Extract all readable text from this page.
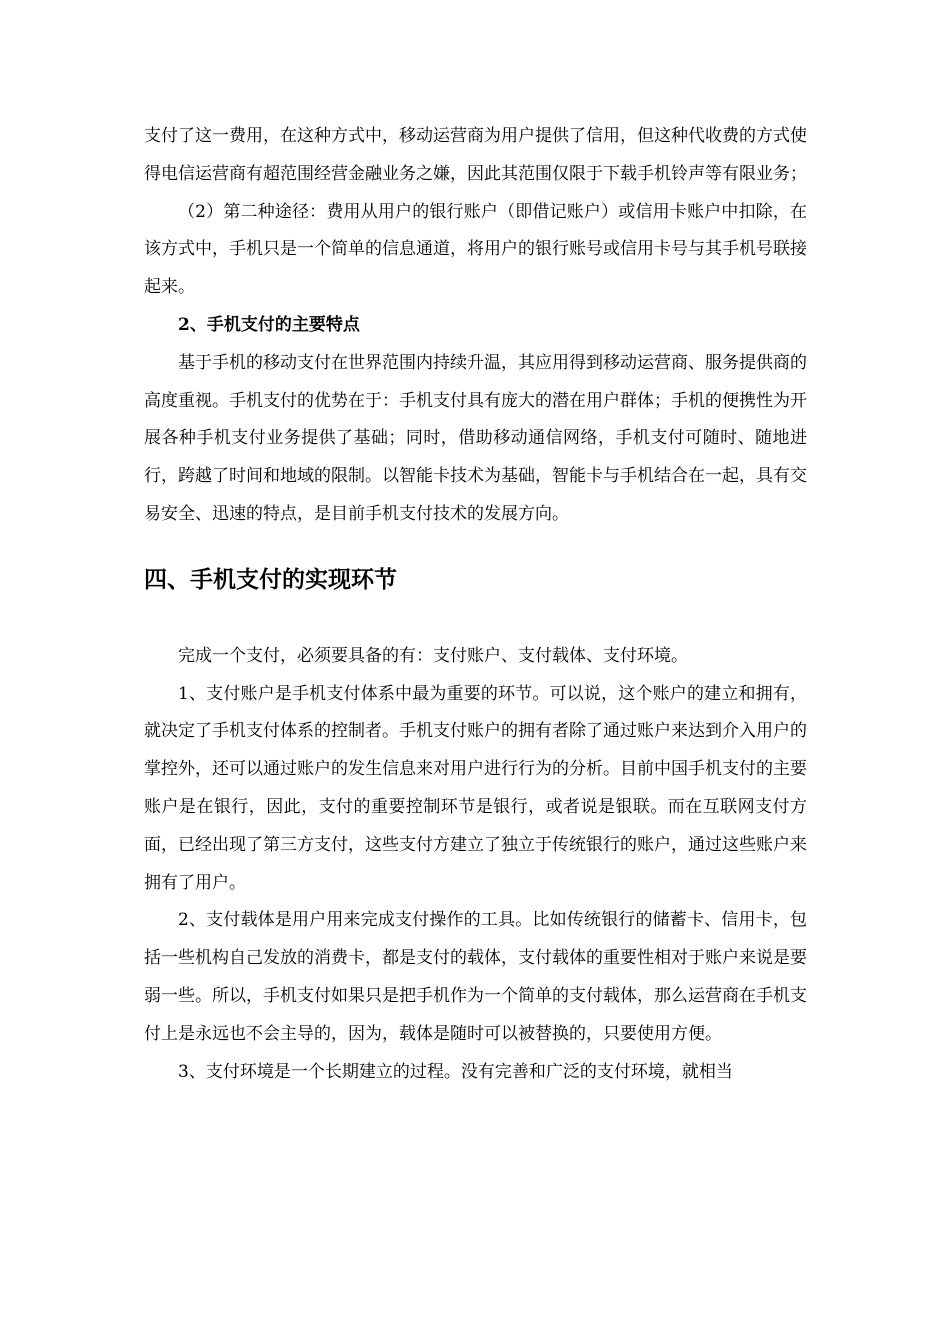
支付了这一费用，在这种方式中，移动运营商为用户提供了信用，但这种代收费的方式使得电信运营商有超范围经营金融业务之嫌，因此其范围仅限于下载手机铃声等有限业务；

（2）第二种途径：费用从用户的银行账户（即借记账户）或信用卡账户中扣除，在该方式中，手机只是一个简单的信息通道，将用户的银行账号或信用卡号与其手机号联接起来。

2、手机支付的主要特点

基于手机的移动支付在世界范围内持续升温，其应用得到移动运营商、服务提供商的高度重视。手机支付的优势在于：手机支付具有庞大的潜在用户群体；手机的便携性为开展各种手机支付业务提供了基础；同时，借助移动通信网络，手机支付可随时、随地进行，跨越了时间和地域的限制。以智能卡技术为基础，智能卡与手机结合在一起，具有交易安全、迅速的特点，是目前手机支付技术的发展方向。

四、手机支付的实现环节

完成一个支付，必须要具备的有：支付账户、支付载体、支付环境。

1、支付账户是手机支付体系中最为重要的环节。可以说，这个账户的建立和拥有，就决定了手机支付体系的控制者。手机支付账户的拥有者除了通过账户来达到介入用户的掌控外，还可以通过账户的发生信息来对用户进行行为的分析。目前中国手机支付的主要账户是在银行，因此，支付的重要控制环节是银行，或者说是银联。而在互联网支付方面，已经出现了第三方支付，这些支付方建立了独立于传统银行的账户，通过这些账户来拥有了用户。

2、支付载体是用户用来完成支付操作的工具。比如传统银行的储蓄卡、信用卡，包括一些机构自己发放的消费卡，都是支付的载体，支付载体的重要性相对于账户来说是要弱一些。所以，手机支付如果只是把手机作为一个简单的支付载体，那么运营商在手机支付上是永远也不会主导的，因为，载体是随时可以被替换的，只要使用方便。

3、支付环境是一个长期建立的过程。没有完善和广泛的支付环境，就相当
